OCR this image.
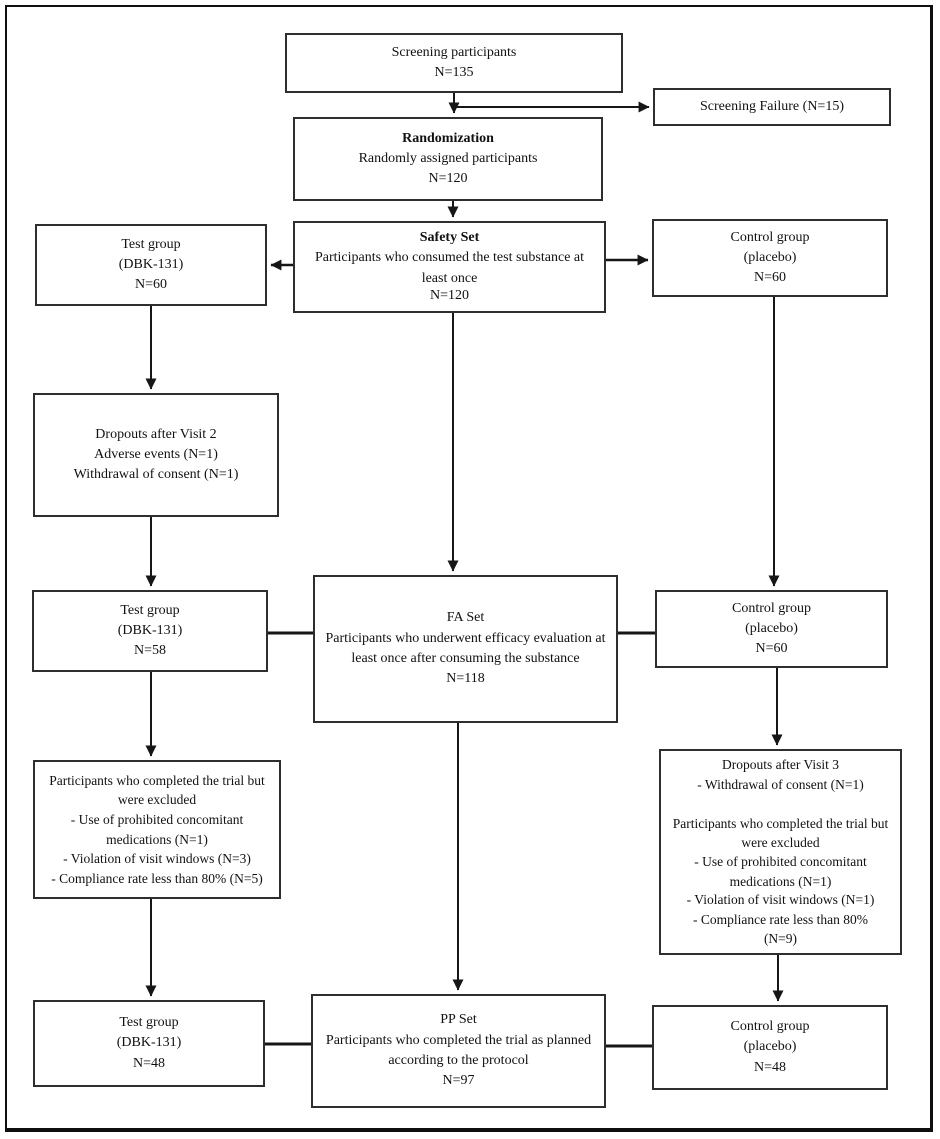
Screening participants
N=135
Screening Failure (N=15)
Randomization
Randomly assigned participants
N=120
Safety Set
Participants who consumed the test substance at least once
N=120
Test group
(DBK-131)
N=60
Control group
(placebo)
N=60
Dropouts after Visit 2
Adverse events (N=1)
Withdrawal of consent (N=1)
Test group
(DBK-131)
N=58
FA Set
Participants who underwent efficacy evaluation at least once after consuming the substance
N=118
Control group
(placebo)
N=60
Participants who completed the trial but were excluded
- Use of prohibited concomitant medications (N=1)
- Violation of visit windows (N=3)
- Compliance rate less than 80% (N=5)
Dropouts after Visit 3
- Withdrawal of consent (N=1)
Participants who completed the trial but were excluded
- Use of prohibited concomitant medications (N=1)
- Violation of visit windows (N=1)
- Compliance rate less than 80%
(N=9)
Test group
(DBK-131)
N=48
PP Set
Participants who completed the trial as planned according to the protocol
N=97
Control group
(placebo)
N=48
